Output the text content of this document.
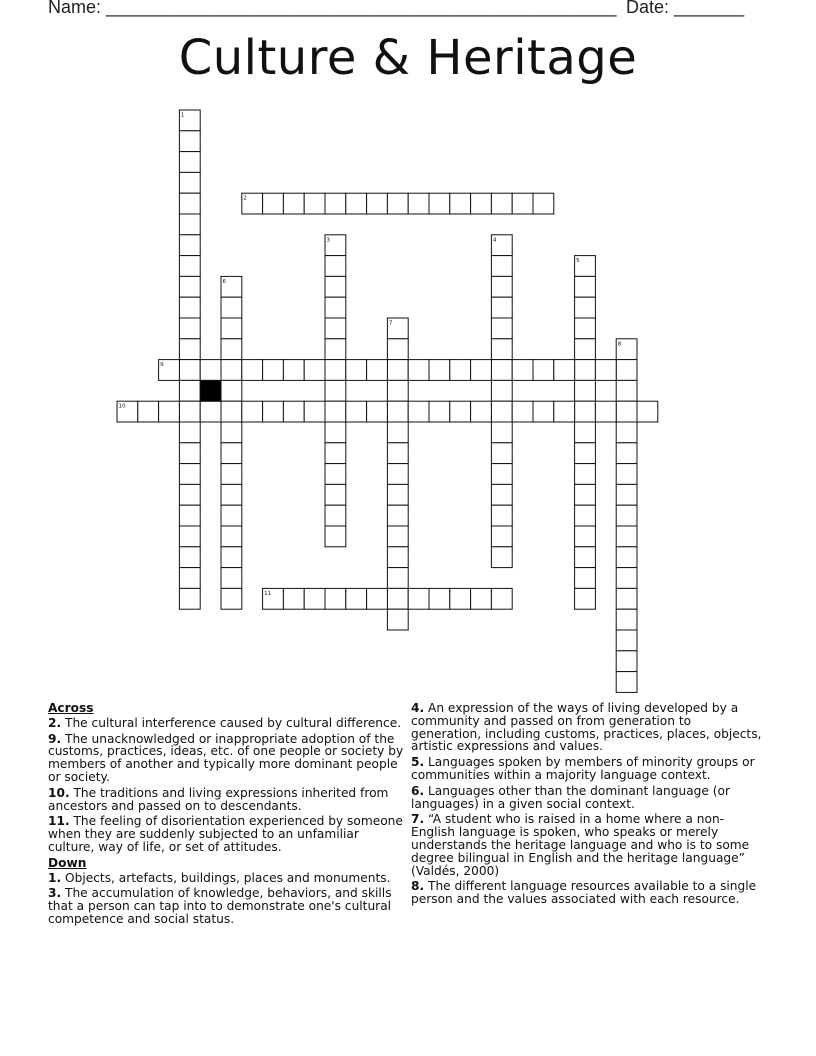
Name: ___________________________________________________ Date: _______
Culture & Heritage
1
2
3	4
5
6
7
8
9
10
11
Across
2. The cultural interference caused by cultural difference.
9. The unacknowledged or inappropriate adoption of the customs, practices, ideas, etc. of one people or society by members of another and typically more dominant people or society.
10. The traditions and living expressions inherited from ancestors and passed on to descendants.
11. The feeling of disorientation experienced by someone when they are suddenly subjected to an unfamiliar culture, way of life, or set of attitudes.
Down
1. Objects, artefacts, buildings, places and monuments.
3. The accumulation of knowledge, behaviors, and skills that a person can tap into to demonstrate one's cultural competence and social status.
4. An expression of the ways of living developed by a community and passed on from generation to generation, including customs, practices, places, objects, artistic expressions and values.
5. Languages spoken by members of minority groups or communities within a majority language context.
6. Languages other than the dominant language (or languages) in a given social context.
7. “A student who is raised in a home where a non-English language is spoken, who speaks or merely understands the heritage language and who is to some degree bilingual in English and the heritage language” (Valdés, 2000)
8. The different language resources available to a single person and the values associated with each resource.
